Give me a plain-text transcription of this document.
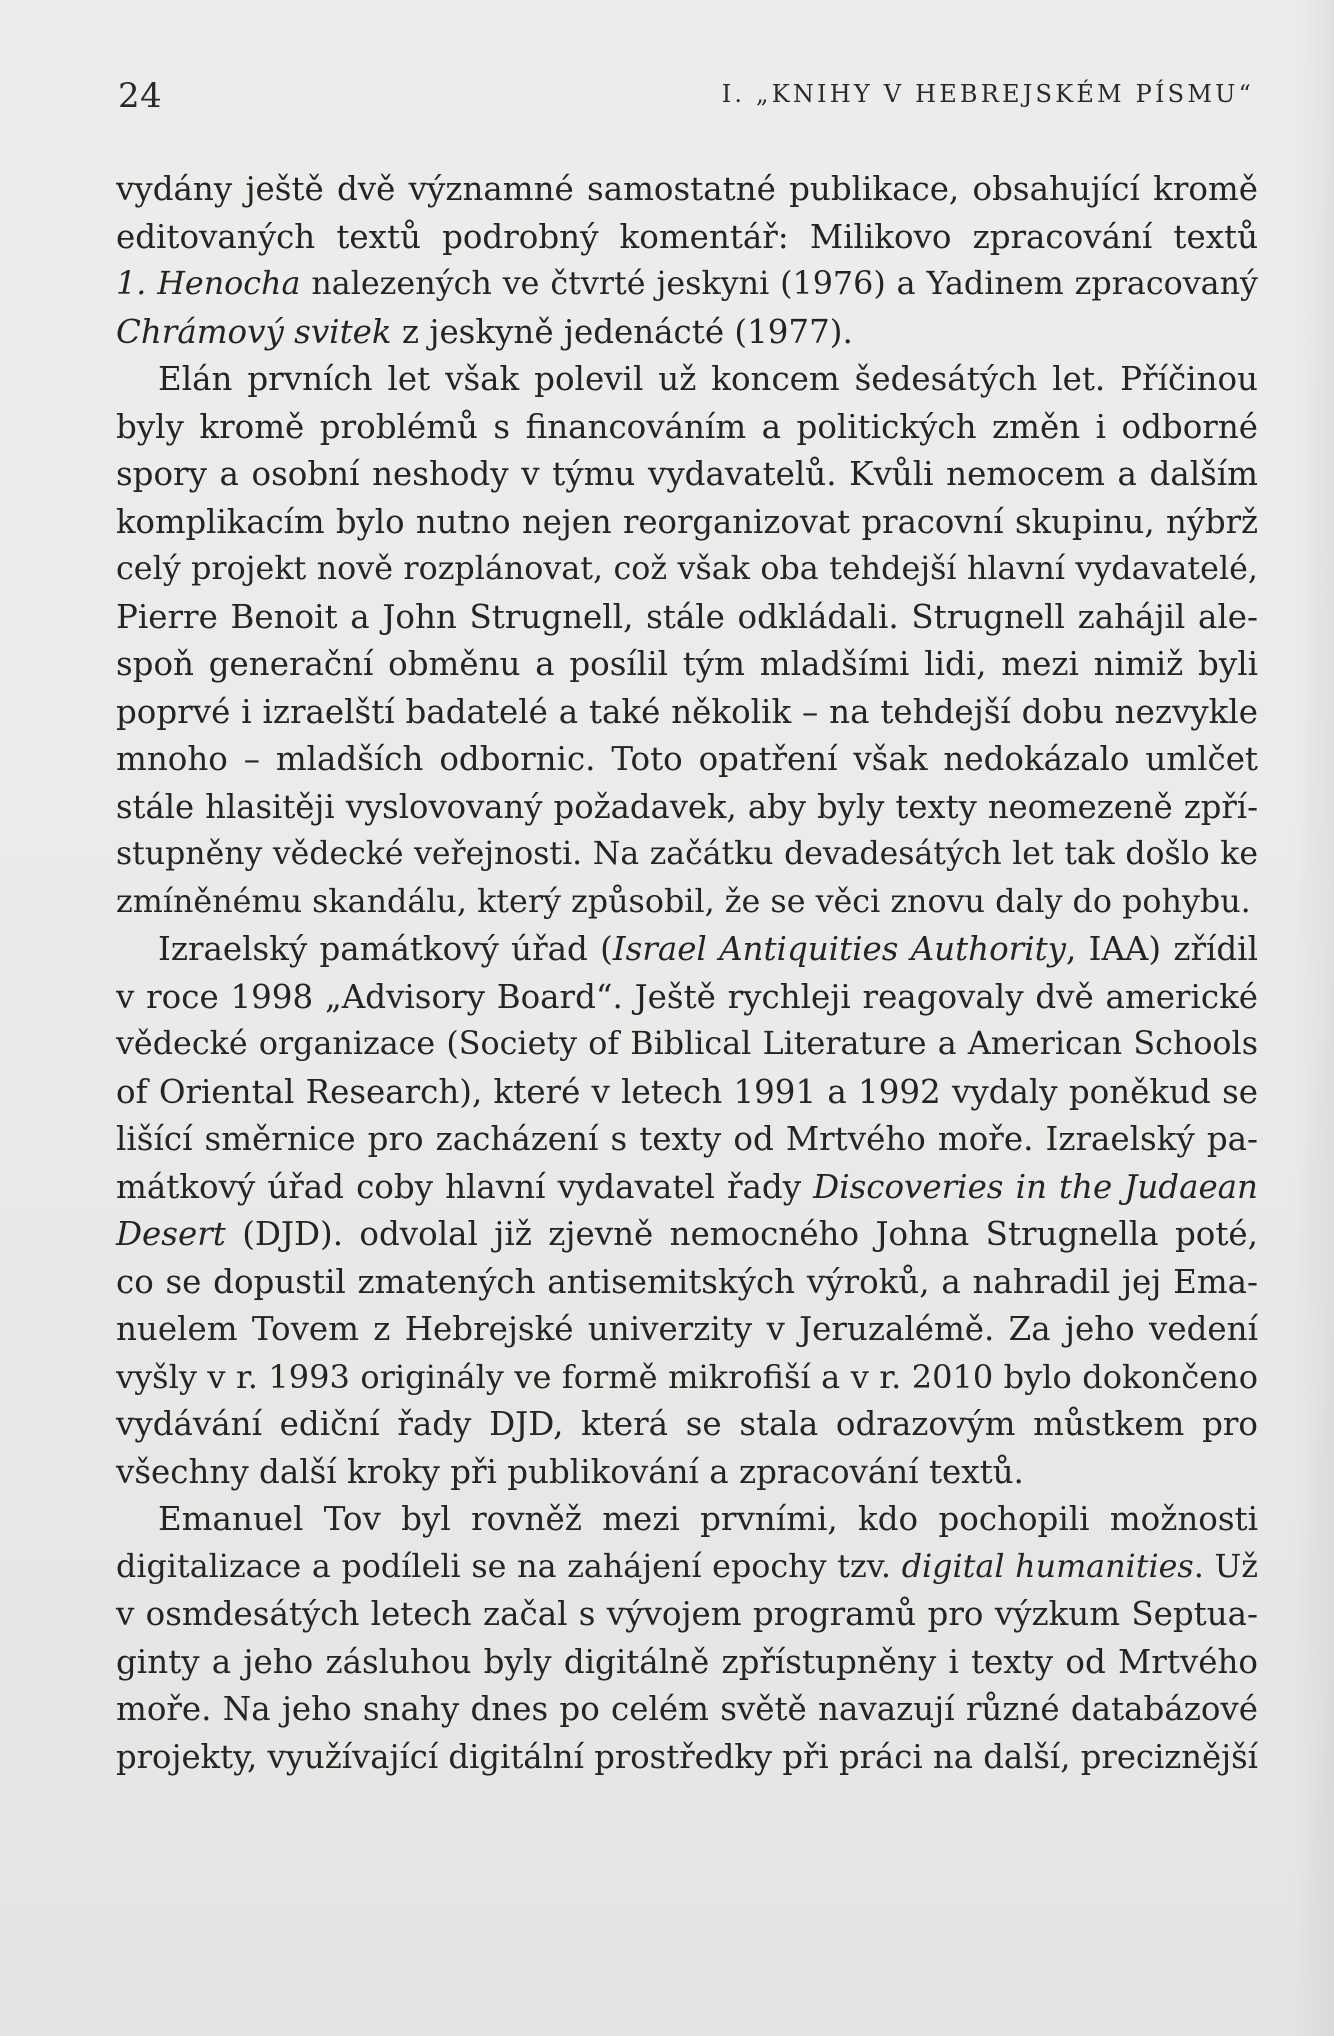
24	I. „KNIHY V HEBREJSKÉM PÍSMU“
vydány ještě dvě významné samostatné publikace, obsahující kromě
editovaných textů podrobný komentář: Milikovo zpracování textů
1. Henocha nalezených ve čtvrté jeskyni (1976) a Yadinem zpracovaný
Chrámový svitek z jeskyně jedenácté (1977).
Elán prvních let však polevil už koncem šedesátých let. Příčinou
byly kromě problémů s financováním a politických změn i odborné
spory a osobní neshody v týmu vydavatelů. Kvůli nemocem a dalším
komplikacím bylo nutno nejen reorganizovat pracovní skupinu, nýbrž
celý projekt nově rozplánovat, což však oba tehdejší hlavní vydavatelé,
Pierre Benoit a John Strugnell, stále odkládali. Strugnell zahájil ale-
spoň generační obměnu a posílil tým mladšími lidi, mezi nimiž byli
poprvé i izraelští badatelé a také několik – na tehdejší dobu nezvykle
mnoho – mladších odbornic. Toto opatření však nedokázalo umlčet
stále hlasitěji vyslovovaný požadavek, aby byly texty neomezeně zpří-
stupněny vědecké veřejnosti. Na začátku devadesátých let tak došlo ke
zmíněnému skandálu, který způsobil, že se věci znovu daly do pohybu.
Izraelský památkový úřad ( Israel Antiquities Authority , IAA) zřídil
v roce 1998 „Advisory Board“. Ještě rychleji reagovaly dvě americké
vědecké organizace (Society of Biblical Literature a American Schools
of Oriental Research), které v letech 1991 a 1992 vydaly poněkud se
lišící směrnice pro zacházení s texty od Mrtvého moře. Izraelský pa-
mátkový úřad coby hlavní vydavatel řady Discoveries in the Judaean
Desert (DJD). odvolal již zjevně nemocného Johna Strugnella poté,
co se dopustil zmatených antisemitských výroků, a nahradil jej Ema-
nuelem Tovem z Hebrejské univerzity v Jeruzalémě. Za jeho vedení
vyšly v r. 1993 originály ve formě mikrofiší a v r. 2010 bylo dokončeno
vydávání ediční řady DJD, která se stala odrazovým můstkem pro
všechny další kroky při publikování a zpracování textů.
Emanuel Tov byl rovněž mezi prvními, kdo pochopili možnosti
digitalizace a podíleli se na zahájení epochy tzv. digital humanities . Už
v osmdesátých letech začal s vývojem programů pro výzkum Septua-
ginty a jeho zásluhou byly digitálně zpřístupněny i texty od Mrtvého
moře. Na jeho snahy dnes po celém světě navazují různé databázové
projekty, využívající digitální prostředky při práci na další, preciznější
